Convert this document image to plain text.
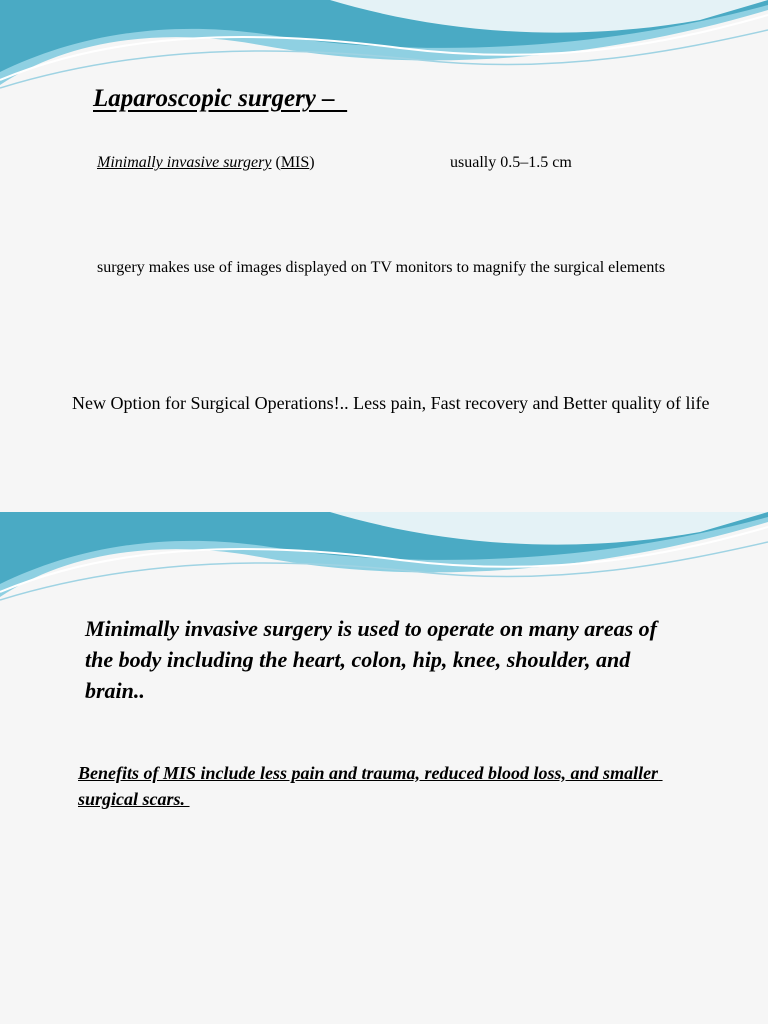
Laparoscopic surgery –
Minimally invasive surgery (MIS)	usually 0.5–1.5 cm
surgery makes use of images displayed on TV monitors to magnify the surgical elements
New Option for Surgical Operations!.. Less pain, Fast recovery and Better quality of life
Minimally invasive surgery is used to operate on many areas of the body including the heart, colon, hip, knee, shoulder, and brain..
Benefits of MIS include less pain and trauma, reduced blood loss, and smaller surgical scars.
